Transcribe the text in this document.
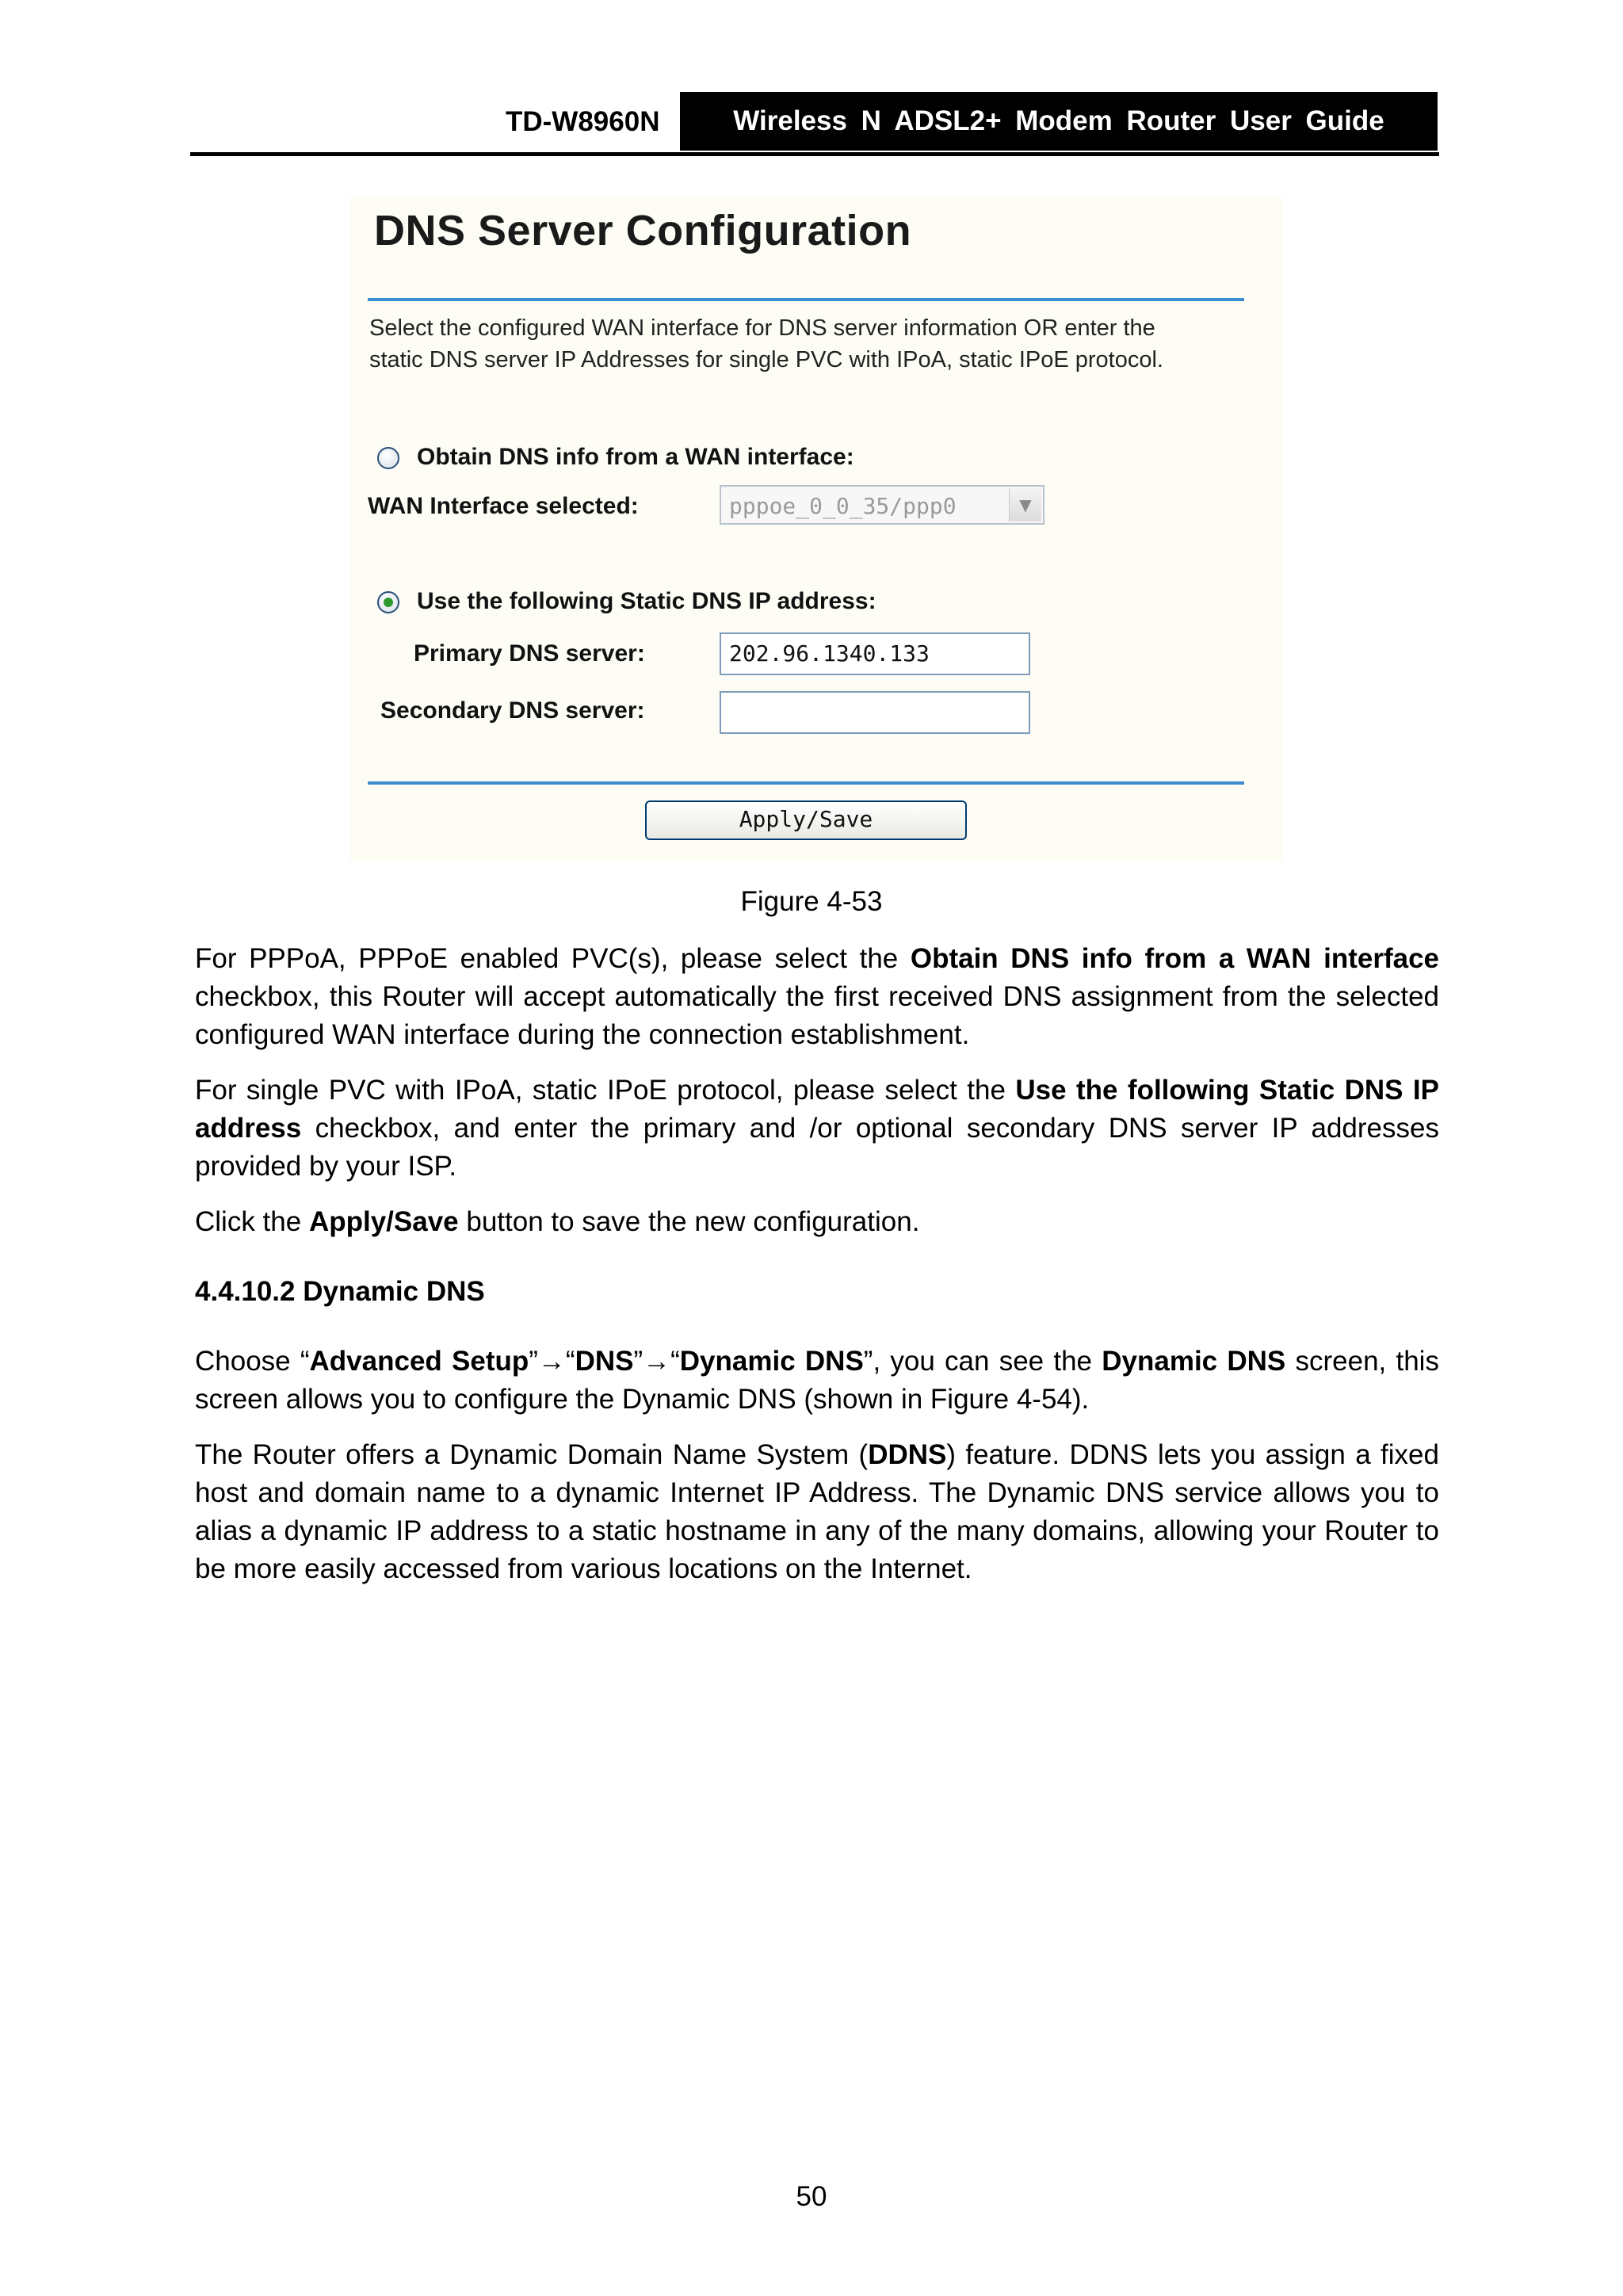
TD-W8960N	Wireless N ADSL2+ Modem Router User Guide
DNS Server Configuration
Select the configured WAN interface for DNS server information OR enter the
static DNS server IP Addresses for single PVC with IPoA, static IPoE protocol.
Obtain DNS info from a WAN interface:
WAN Interface selected:	pppoe_0_0_35/ppp0	▼
Use the following Static DNS IP address:
Primary DNS server:	202.96.1340.133
Secondary DNS server:
Apply/Save
Figure 4-53
For PPPoA, PPPoE enabled PVC(s), please select the Obtain DNS info from a WAN interface checkbox, this Router will accept automatically the first received DNS assignment from the selected configured WAN interface during the connection establishment.
For single PVC with IPoA, static IPoE protocol, please select the Use the following Static DNS IP address checkbox, and enter the primary and /or optional secondary DNS server IP addresses provided by your ISP.
Click the Apply/Save button to save the new configuration.
4.4.10.2 Dynamic DNS
Choose “Advanced Setup”→“DNS”→“Dynamic DNS”, you can see the Dynamic DNS screen, this screen allows you to configure the Dynamic DNS (shown in Figure 4-54).
The Router offers a Dynamic Domain Name System (DDNS) feature. DDNS lets you assign a fixed host and domain name to a dynamic Internet IP Address. The Dynamic DNS service allows you to alias a dynamic IP address to a static hostname in any of the many domains, allowing your Router to be more easily accessed from various locations on the Internet.
50
